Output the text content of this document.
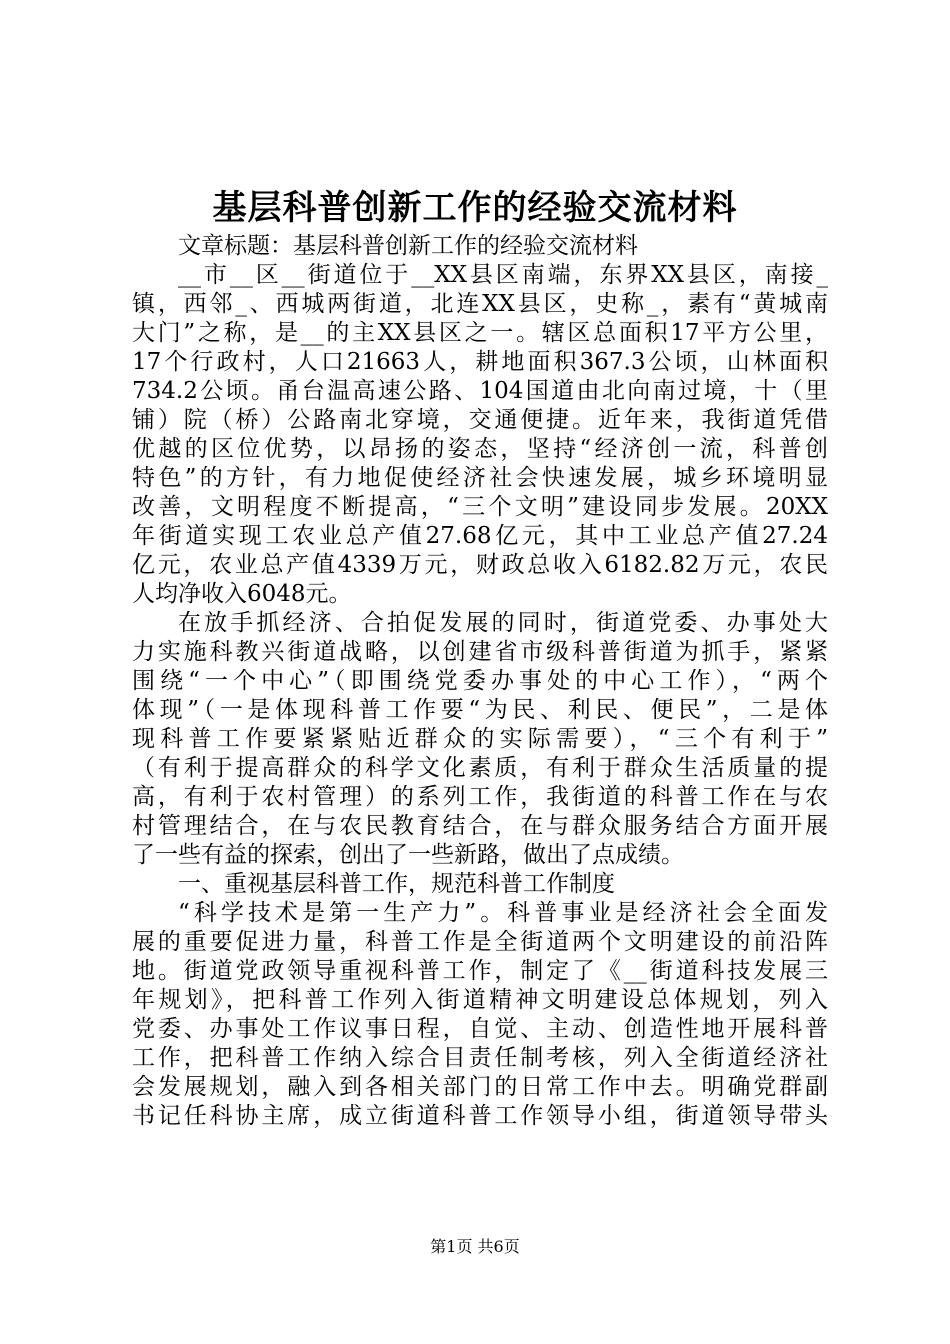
基层科普创新工作的经验交流材料
文章标题：基层科普创新工作的经验交流材料
__市__区__街道位于__XX县区南端，东界XX县区，南接_
镇，西邻_、西城两街道，北连XX县区，史称_，素有“黄城南
大门”之称，是__的主XX县区之一。辖区总面积17平方公里，
17个行政村，人口21663人，耕地面积367.3公顷，山林面积
734.2公顷。甬台温高速公路、104国道由北向南过境，十（里
铺）院（桥）公路南北穿境，交通便捷。近年来，我街道凭借
优越的区位优势，以昂扬的姿态，坚持“经济创一流，科普创
特色”的方针，有力地促使经济社会快速发展，城乡环境明显
改善，文明程度不断提高，“三个文明”建设同步发展。20XX
年街道实现工农业总产值27.68亿元，其中工业总产值27.24
亿元，农业总产值4339万元，财政总收入6182.82万元，农民
人均净收入6048元。
在放手抓经济、合拍促发展的同时，街道党委、办事处大
力实施科教兴街道战略，以创建省市级科普街道为抓手，紧紧
围绕“一个中心”（即围绕党委办事处的中心工作），“两个
体现”（一是体现科普工作要“为民、利民、便民”，二是体
现科普工作要紧紧贴近群众的实际需要），“三个有利于”
（有利于提高群众的科学文化素质，有利于群众生活质量的提
高，有利于农村管理）的系列工作，我街道的科普工作在与农
村管理结合，在与农民教育结合，在与群众服务结合方面开展
了一些有益的探索，创出了一些新路，做出了点成绩。
一、重视基层科普工作，规范科普工作制度
“科学技术是第一生产力”。科普事业是经济社会全面发
展的重要促进力量，科普工作是全街道两个文明建设的前沿阵
地。街道党政领导重视科普工作，制定了《__街道科技发展三
年规划》，把科普工作列入街道精神文明建设总体规划，列入
党委、办事处工作议事日程，自觉、主动、创造性地开展科普
工作，把科普工作纳入综合目责任制考核，列入全街道经济社
会发展规划，融入到各相关部门的日常工作中去。明确党群副
书记任科协主席，成立街道科普工作领导小组，街道领导带头
第1页 共6页
